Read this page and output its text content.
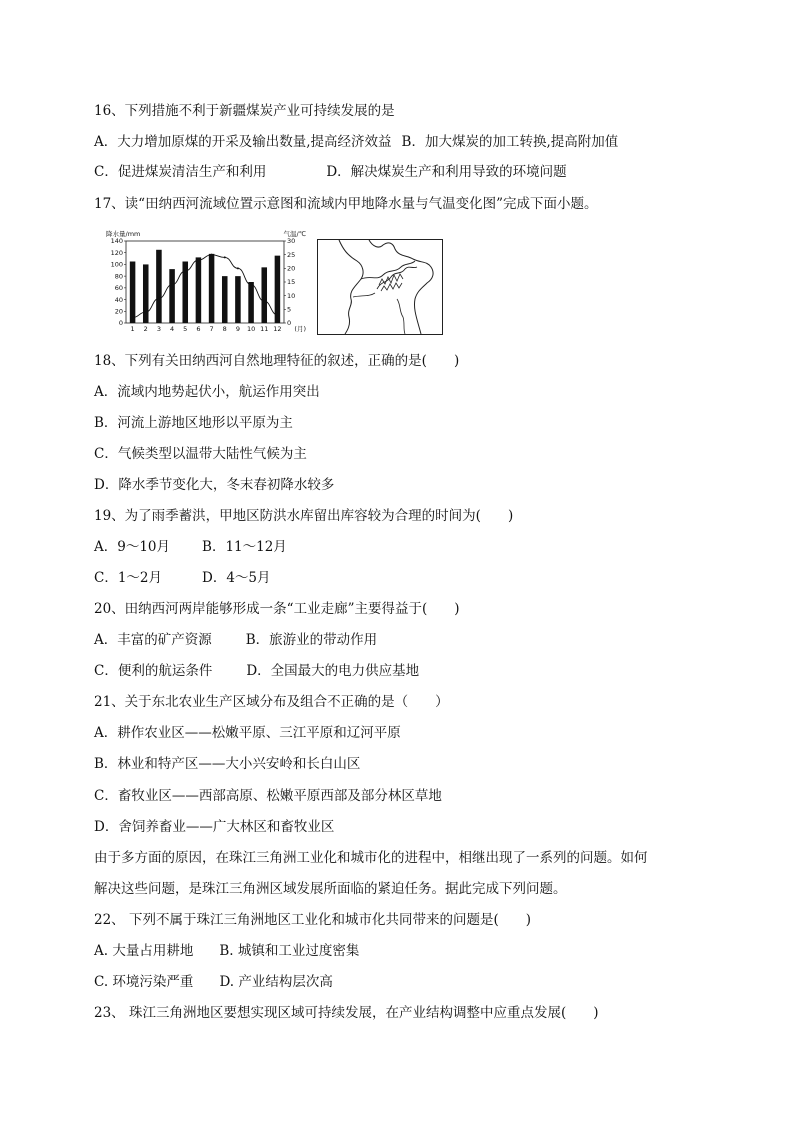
16、下列措施不利于新疆煤炭产业可持续发展的是
A．大力增加原煤的开采及输出数量,提高经济效益 B．加大煤炭的加工转换,提高附加值
C．促进煤炭清洁生产和利用	D．解决煤炭生产和利用导致的环境问题
17、读“田纳西河流域位置示意图和流域内甲地降水量与气温变化图”完成下面小题。
降水量/mm	气温/℃
0
20
40
60
80
100
120
140
0
5
10
15
20
25
30
1 2 3 4 5 6 7 8 9 10 11 12 (月)
18、下列有关田纳西河自然地理特征的叙述，正确的是(　　)
A．流域内地势起伏小，航运作用突出
B．河流上游地区地形以平原为主
C．气候类型以温带大陆性气候为主
D．降水季节变化大，冬末春初降水较多
19、为了雨季蓄洪，甲地区防洪水库留出库容较为合理的时间为(　　)
A．9～10月 B．11～12月
C．1～2月	D．4～5月
20、田纳西河两岸能够形成一条“工业走廊”主要得益于(　　)
A．丰富的矿产资源	B．旅游业的带动作用
C．便利的航运条件	D．全国最大的电力供应基地
21、关于东北农业生产区域分布及组合不正确的是（　　）
A．耕作农业区——松嫩平原、三江平原和辽河平原
B．林业和特产区——大小兴安岭和长白山区
C．畜牧业区——西部高原、松嫩平原西部及部分林区草地
D．舍饲养畜业——广大林区和畜牧业区
由于多方面的原因，在珠江三角洲工业化和城市化的进程中，相继出现了一系列的问题。如何
解决这些问题，是珠江三角洲区域发展所面临的紧迫任务。据此完成下列问题。
22、 下列不属于珠江三角洲地区工业化和城市化共同带来的问题是(　　)
A. 大量占用耕地 B. 城镇和工业过度密集
C. 环境污染严重 D. 产业结构层次高
23、 珠江三角洲地区要想实现区域可持续发展，在产业结构调整中应重点发展(　　)
